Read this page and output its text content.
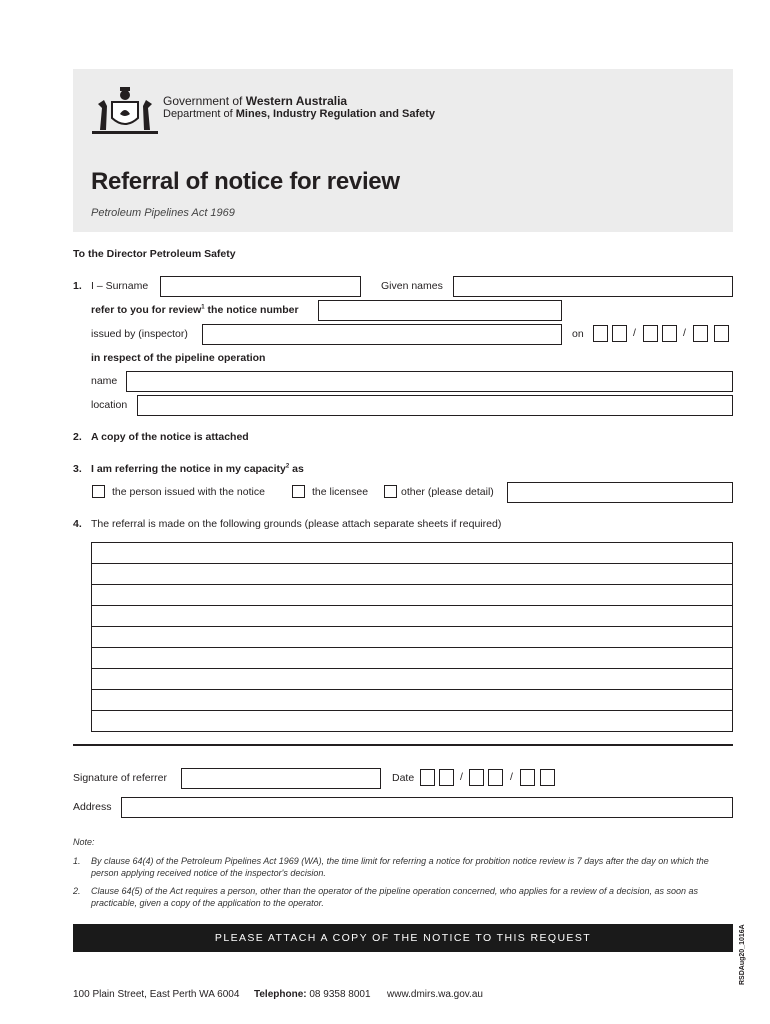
Government of Western Australia
Department of Mines, Industry Regulation and Safety
Referral of notice for review
Petroleum Pipelines Act 1969
To the Director Petroleum Safety
1. I – Surname	Given names
refer to you for review$^1$ the notice number
issued by (inspector)	on	/	/
in respect of the pipeline operation
name
location
2. A copy of the notice is attached
3. I am referring the notice in my capacity$^2$ as
the person issued with the notice	the licensee	other (please detail)
4. The referral is made on the following grounds (please attach separate sheets if required)
Signature of referrer	Date	/	/
Address
Note:
1. By clause 64(4) of the Petroleum Pipelines Act 1969 (WA), the time limit for referring a notice for probition notice review is 7 days after the day on which the person applying received notice of the inspector's decision.
2. Clause 64(5) of the Act requires a person, other than the operator of the pipeline operation concerned, who applies for a review of a decision, as soon as practicable, given a copy of the application to the operator.
PLEASE ATTACH A COPY OF THE NOTICE TO THIS REQUEST	RSDAug20_1016A
100 Plain Street, East Perth WA 6004 Telephone: 08 9358 8001 www.dmirs.wa.gov.au
